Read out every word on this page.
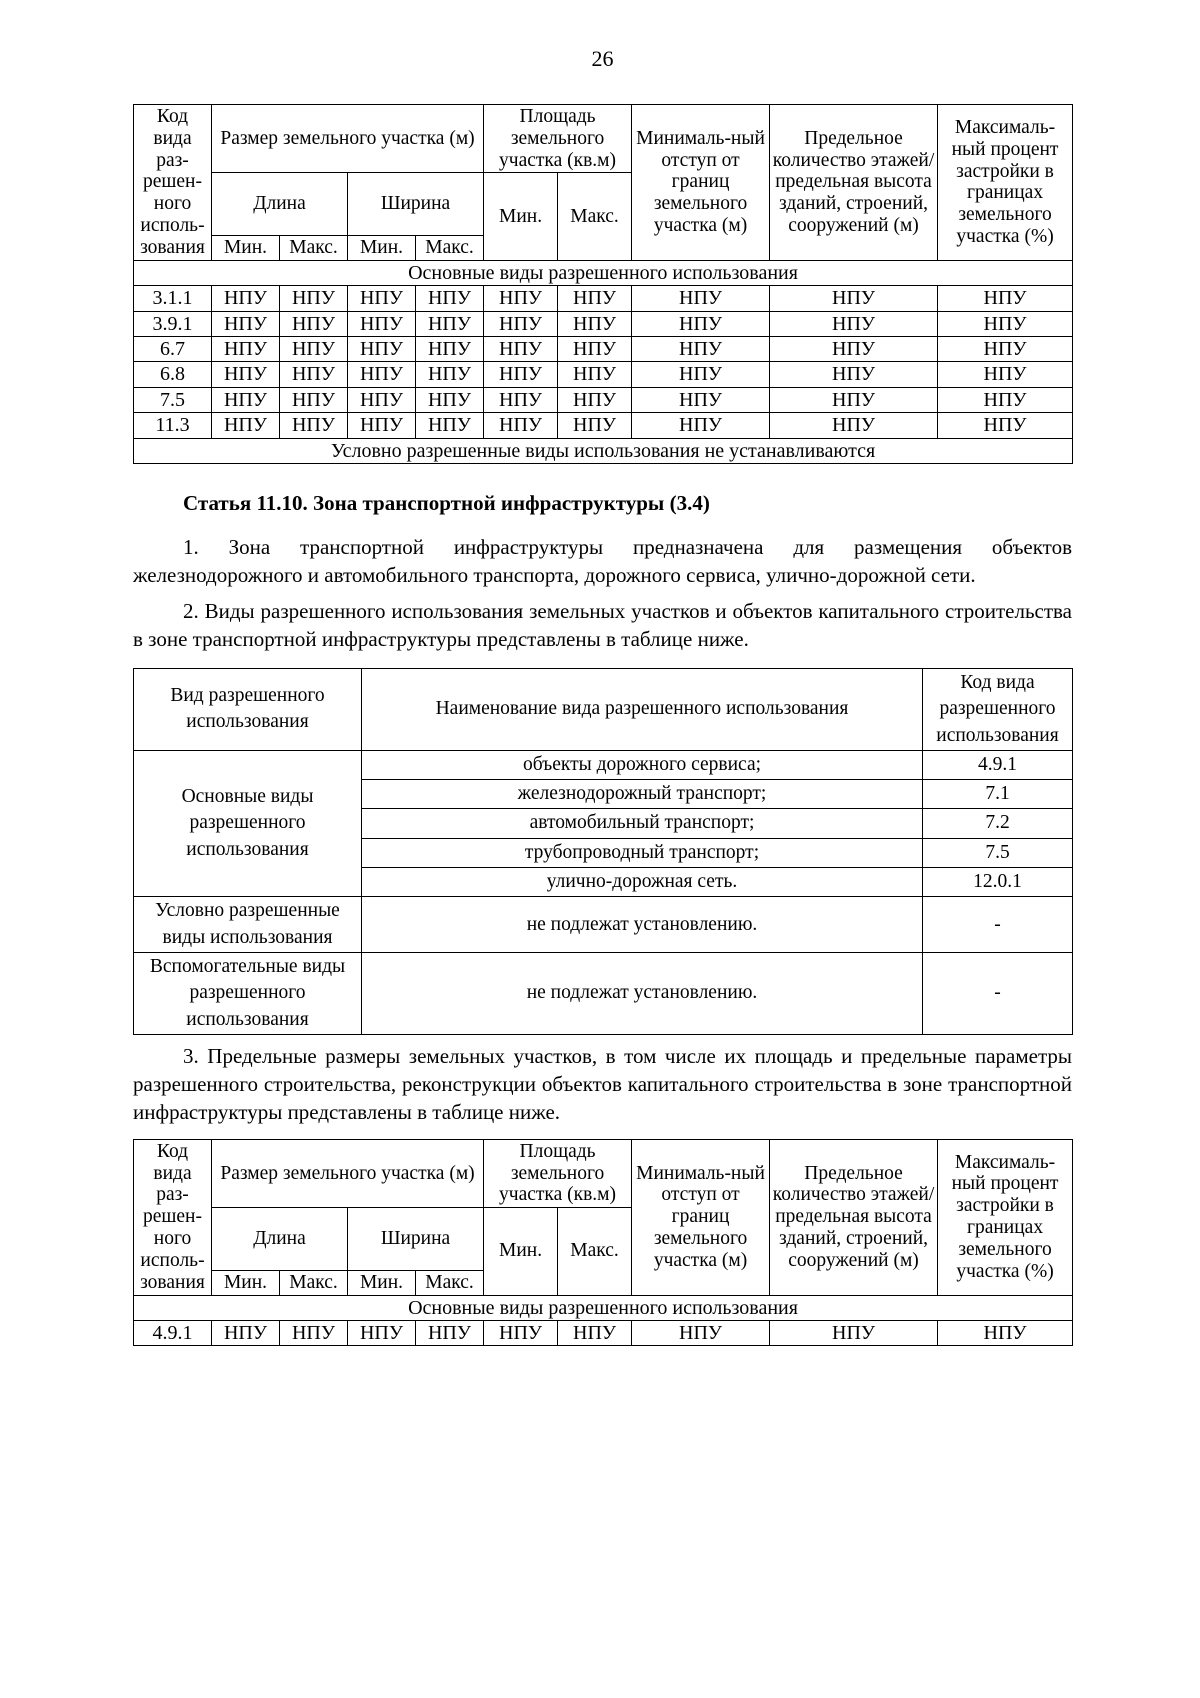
26
Код вида раз-решен-ного исполь-зования	Размер земельного участка (м)				Площадь земельного участка (кв.м)		Минималь-ный отступ от границ земельного участка (м)	Предельное количество этажей/ предельная высота зданий, строений, сооружений (м)	Максималь-ный процент застройки в границах земельного участка (%)
	Длина		Ширина		Мин.	Макс.			
	Мин.	Макс.	Мин.	Макс.					
Основные виды разрешенного использования									
3.1.1	НПУ	НПУ	НПУ	НПУ	НПУ	НПУ	НПУ	НПУ	НПУ
3.9.1	НПУ	НПУ	НПУ	НПУ	НПУ	НПУ	НПУ	НПУ	НПУ
6.7	НПУ	НПУ	НПУ	НПУ	НПУ	НПУ	НПУ	НПУ	НПУ
6.8	НПУ	НПУ	НПУ	НПУ	НПУ	НПУ	НПУ	НПУ	НПУ
7.5	НПУ	НПУ	НПУ	НПУ	НПУ	НПУ	НПУ	НПУ	НПУ
11.3	НПУ	НПУ	НПУ	НПУ	НПУ	НПУ	НПУ	НПУ	НПУ
Условно разрешенные виды использования не устанавливаются									
Статья 11.10. Зона транспортной инфраструктуры (3.4)

1. Зона транспортной инфраструктуры предназначена для размещения объектов железнодорожного и автомобильного транспорта, дорожного сервиса, улично-дорожной сети.

2. Виды разрешенного использования земельных участков и объектов капитального строительства в зоне транспортной инфраструктуры представлены в таблице ниже.

Вид разрешенного использования	Наименование вида разрешенного использования	Код вида разрешенного использования
Основные виды разрешенного использования	объекты дорожного сервиса;	4.9.1
	железнодорожный транспорт;	7.1
	автомобильный транспорт;	7.2
	трубопроводный транспорт;	7.5
	улично-дорожная сеть.	12.0.1
Условно разрешенные виды использования	не подлежат установлению.	-
Вспомогательные виды разрешенного использования	не подлежат установлению.	-

3. Предельные размеры земельных участков, в том числе их площадь и предельные параметры разрешенного строительства, реконструкции объектов капитального строительства в зоне транспортной инфраструктуры представлены в таблице ниже.

Код вида раз-решен-ного исполь-зования	Размер земельного участка (м)				Площадь земельного участка (кв.м)		Минималь-ный отступ от границ земельного участка (м)	Предельное количество этажей/ предельная высота зданий, строений, сооружений (м)	Максималь-ный процент застройки в границах земельного участка (%)
	Длина		Ширина		Мин.	Макс.			
	Мин.	Макс.	Мин.	Макс.					
Основные виды разрешенного использования									
4.9.1	НПУ	НПУ	НПУ	НПУ	НПУ	НПУ	НПУ	НПУ	НПУ
